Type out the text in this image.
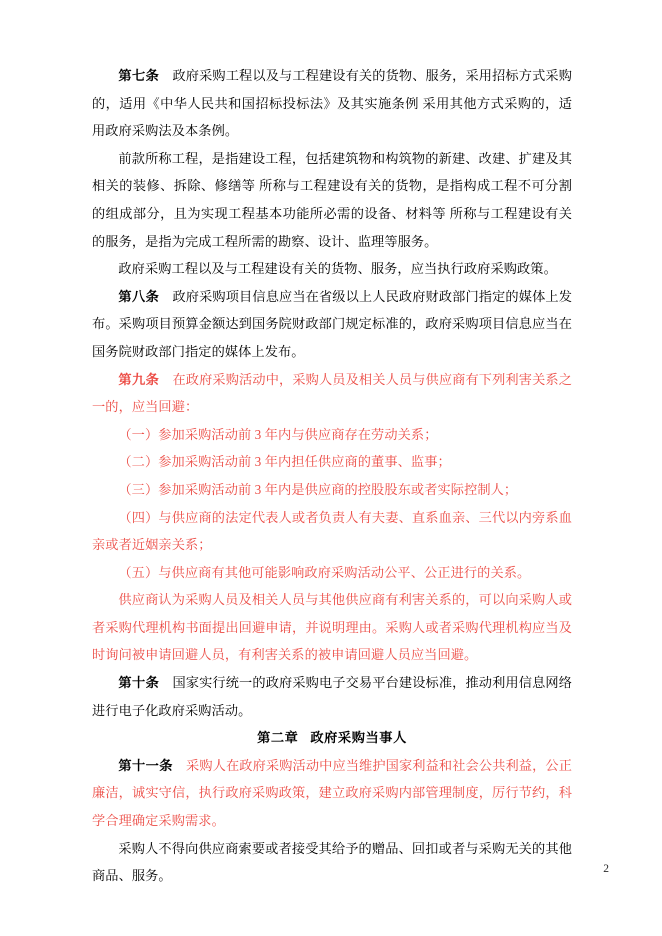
第七条 政府采购工程以及与工程建设有关的货物、服务，采用招标方式采购的，适用《中华人民共和国招标投标法》及其实施条例 采用其他方式采购的，适用政府采购法及本条例。

前款所称工程，是指建设工程，包括建筑物和构筑物的新建、改建、扩建及其相关的装修、拆除、修缮等 所称与工程建设有关的货物，是指构成工程不可分割的组成部分，且为实现工程基本功能所必需的设备、材料等 所称与工程建设有关的服务，是指为完成工程所需的勘察、设计、监理等服务。

政府采购工程以及与工程建设有关的货物、服务，应当执行政府采购政策。

第八条 政府采购项目信息应当在省级以上人民政府财政部门指定的媒体上发布。采购项目预算金额达到国务院财政部门规定标准的，政府采购项目信息应当在国务院财政部门指定的媒体上发布。

第九条 在政府采购活动中，采购人员及相关人员与供应商有下列利害关系之一的，应当回避：

（一）参加采购活动前 3 年内与供应商存在劳动关系；

（二）参加采购活动前 3 年内担任供应商的董事、监事；

（三）参加采购活动前 3 年内是供应商的控股股东或者实际控制人；

（四）与供应商的法定代表人或者负责人有夫妻、直系血亲、三代以内旁系血亲或者近姻亲关系；

（五）与供应商有其他可能影响政府采购活动公平、公正进行的关系。

供应商认为采购人员及相关人员与其他供应商有利害关系的，可以向采购人或者采购代理机构书面提出回避申请，并说明理由。采购人或者采购代理机构应当及时询问被申请回避人员，有利害关系的被申请回避人员应当回避。

第十条 国家实行统一的政府采购电子交易平台建设标准，推动利用信息网络进行电子化政府采购活动。

第二章 政府采购当事人

第十一条 采购人在政府采购活动中应当维护国家利益和社会公共利益，公正廉洁，诚实守信，执行政府采购政策，建立政府采购内部管理制度，厉行节约，科学合理确定采购需求。

采购人不得向供应商索要或者接受其给予的赠品、回扣或者与采购无关的其他商品、服务。	2
